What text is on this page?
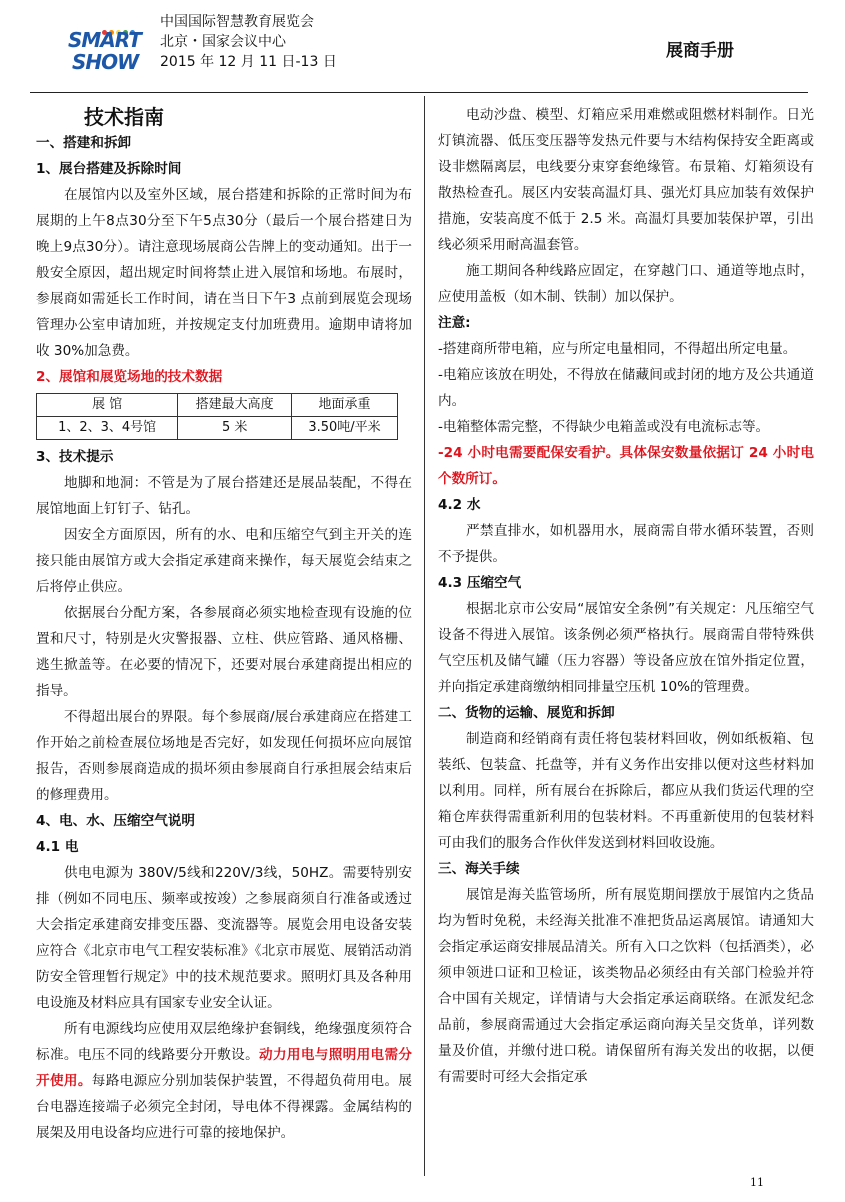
SMART
SHOW
中国国际智慧教育展览会
北京・国家会议中心
2015 年 12 月 11 日-13 日
展商手册

技术指南

一、搭建和拆卸

1、展台搭建及拆除时间

在展馆内以及室外区域，展台搭建和拆除的正常时间为布展期的上午8点30分至下午5点30分（最后一个展台搭建日为晚上9点30分）。请注意现场展商公告牌上的变动通知。出于一般安全原因，超出规定时间将禁止进入展馆和场地。布展时，参展商如需延长工作时间，请在当日下午3 点前到展览会现场管理办公室申请加班，并按规定支付加班费用。逾期申请将加收 30%加急费。

2、展馆和展览场地的技术数据

展 馆	搭建最大高度	地面承重
1、2、3、4号馆	5 米	3.50吨/平米

3、技术提示

地脚和地洞：不管是为了展台搭建还是展品装配，不得在展馆地面上钉钉子、钻孔。

因安全方面原因，所有的水、电和压缩空气到主开关的连接只能由展馆方或大会指定承建商来操作，每天展览会结束之后将停止供应。

依据展台分配方案，各参展商必须实地检查现有设施的位置和尺寸，特别是火灾警报器、立柱、供应管路、通风格栅、逃生掀盖等。在必要的情况下，还要对展台承建商提出相应的指导。

不得超出展台的界限。每个参展商/展台承建商应在搭建工作开始之前检查展位场地是否完好，如发现任何损坏应向展馆报告，否则参展商造成的损坏须由参展商自行承担展会结束后的修理费用。

4、电、水、压缩空气说明

4.1 电

供电电源为 380V/5线和220V/3线，50HZ。需要特别安排（例如不同电压、频率或按竣）之参展商须自行准备或透过大会指定承建商安排变压器、变流器等。展览会用电设备安装应符合《北京市电气工程安装标准》《北京市展览、展销活动消防安全管理暂行规定》中的技术规范要求。照明灯具及各种用电设施及材料应具有国家专业安全认证。

所有电源线均应使用双层绝缘护套铜线，绝缘强度须符合标准。电压不同的线路要分开敷设。动力用电与照明用电需分开使用。每路电源应分别加装保护装置，不得超负荷用电。展台电器连接端子必须完全封闭，导电体不得裸露。金属结构的展架及用电设备均应进行可靠的接地保护。

电动沙盘、模型、灯箱应采用难燃或阻燃材料制作。日光灯镇流器、低压变压器等发热元件要与木结构保持安全距离或设非燃隔离层，电线要分束穿套绝缘管。布景箱、灯箱须设有散热检查孔。展区内安装高温灯具、强光灯具应加装有效保护措施，安装高度不低于 2.5 米。高温灯具要加装保护罩，引出线必须采用耐高温套管。

施工期间各种线路应固定，在穿越门口、通道等地点时，应使用盖板（如木制、铁制）加以保护。

注意:

-搭建商所带电箱，应与所定电量相同，不得超出所定电量。

-电箱应该放在明处，不得放在储藏间或封闭的地方及公共通道内。

-电箱整体需完整，不得缺少电箱盖或没有电流标志等。

-24 小时电需要配保安看护。具体保安数量依据订 24 小时电个数所订。

4.2 水

严禁直排水，如机器用水，展商需自带水循环装置，否则不予提供。

4.3 压缩空气

根据北京市公安局“展馆安全条例”有关规定：凡压缩空气设备不得进入展馆。该条例必须严格执行。展商需自带特殊供气空压机及储气罐（压力容器）等设备应放在馆外指定位置，并向指定承建商缴纳相同排量空压机 10%的管理费。

二、货物的运输、展览和拆卸

制造商和经销商有责任将包装材料回收，例如纸板箱、包装纸、包装盒、托盘等，并有义务作出安排以便对这些材料加以利用。同样，所有展台在拆除后，都应从我们货运代理的空箱仓库获得需重新利用的包装材料。不再重新使用的包装材料可由我们的服务合作伙伴发送到材料回收设施。

三、海关手续

展馆是海关监管场所，所有展览期间摆放于展馆内之货品均为暂时免税，未经海关批准不准把货品运离展馆。请通知大会指定承运商安排展品清关。所有入口之饮料（包括酒类），必须申领进口证和卫检证，该类物品必须经由有关部门检验并符合中国有关规定，详情请与大会指定承运商联络。在派发纪念品前，参展商需通过大会指定承运商向海关呈交货单，详列数量及价值，并缴付进口税。请保留所有海关发出的收据，以便有需要时可经大会指定承

11
